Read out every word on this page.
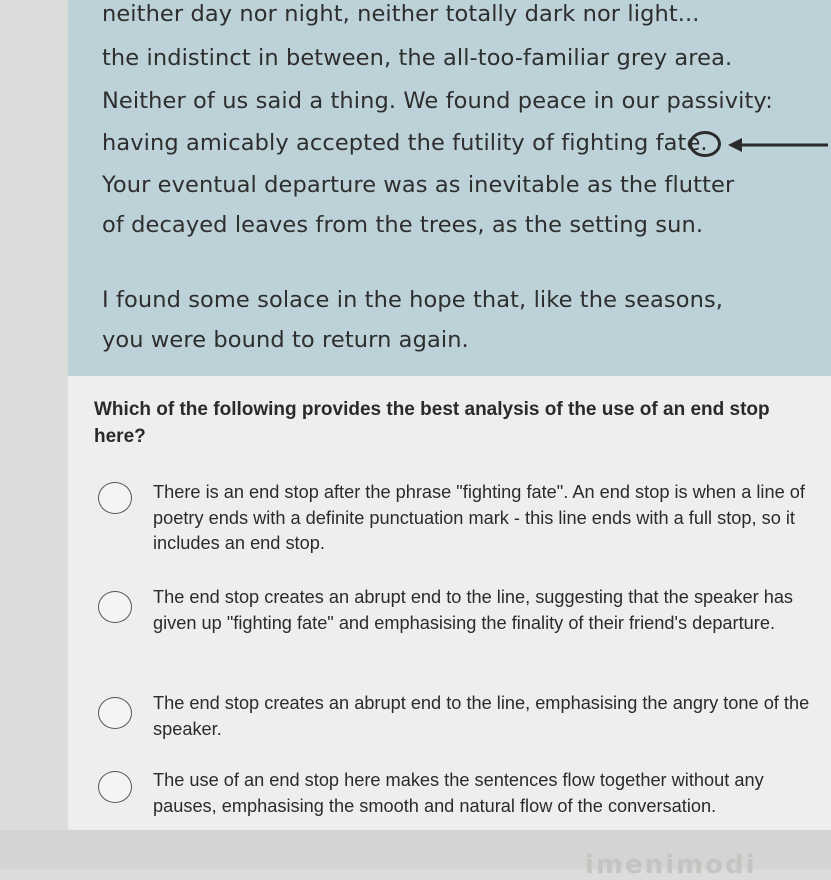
neither day nor night, neither totally dark nor light...
the indistinct in between, the all-too-familiar grey area.
Neither of us said a thing. We found peace in our passivity:
having amicably accepted the futility of fighting fate.
Your eventual departure was as inevitable as the flutter
of decayed leaves from the trees, as the setting sun.
I found some solace in the hope that, like the seasons,
you were bound to return again.
Which of the following provides the best analysis of the use of an end stop here?
There is an end stop after the phrase "fighting fate". An end stop is when a line of poetry ends with a definite punctuation mark - this line ends with a full stop, so it includes an end stop.
The end stop creates an abrupt end to the line, suggesting that the speaker has given up "fighting fate" and emphasising the finality of their friend's departure.
The end stop creates an abrupt end to the line, emphasising the angry tone of the speaker.
The use of an end stop here makes the sentences flow together without any pauses, emphasising the smooth and natural flow of the conversation.
imenimodi
